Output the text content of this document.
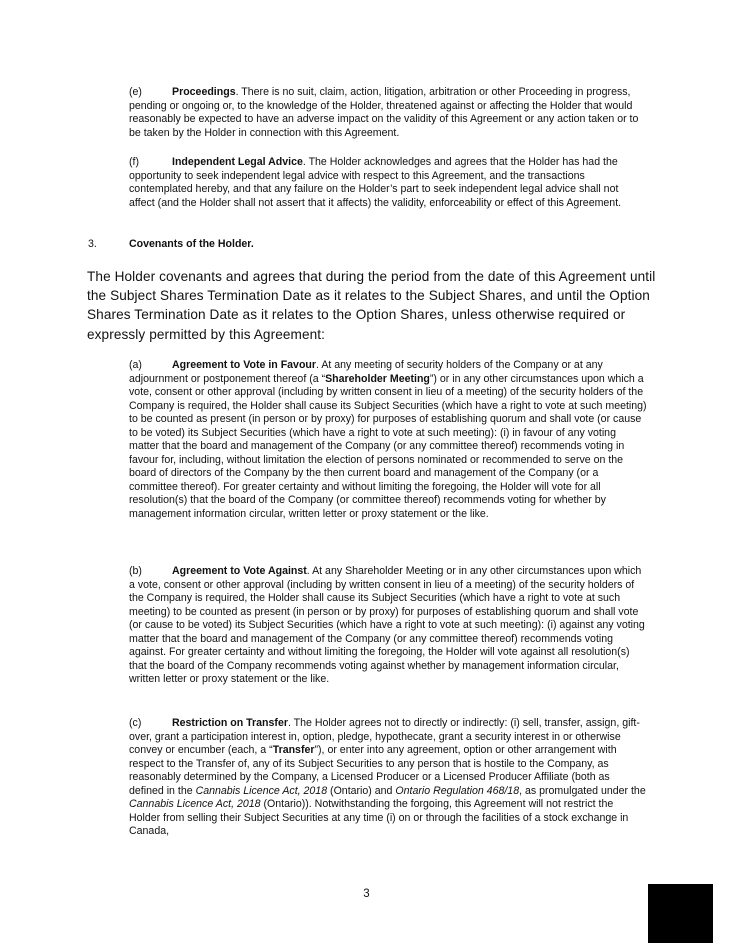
(e)	Proceedings. There is no suit, claim, action, litigation, arbitration or other Proceeding in progress, pending or ongoing or, to the knowledge of the Holder, threatened against or affecting the Holder that would reasonably be expected to have an adverse impact on the validity of this Agreement or any action taken or to be taken by the Holder in connection with this Agreement.
(f)	Independent Legal Advice. The Holder acknowledges and agrees that the Holder has had the opportunity to seek independent legal advice with respect to this Agreement, and the transactions contemplated hereby, and that any failure on the Holder’s part to seek independent legal advice shall not affect (and the Holder shall not assert that it affects) the validity, enforceability or effect of this Agreement.
3.	Covenants of the Holder.
The Holder covenants and agrees that during the period from the date of this Agreement until the Subject Shares Termination Date as it relates to the Subject Shares, and until the Option Shares Termination Date as it relates to the Option Shares, unless otherwise required or expressly permitted by this Agreement:
(a)	Agreement to Vote in Favour. At any meeting of security holders of the Company or at any adjournment or postponement thereof (a “Shareholder Meeting”) or in any other circumstances upon which a vote, consent or other approval (including by written consent in lieu of a meeting) of the security holders of the Company is required, the Holder shall cause its Subject Securities (which have a right to vote at such meeting) to be counted as present (in person or by proxy) for purposes of establishing quorum and shall vote (or cause to be voted) its Subject Securities (which have a right to vote at such meeting): (i) in favour of any voting matter that the board and management of the Company (or any committee thereof) recommends voting in favour for, including, without limitation the election of persons nominated or recommended to serve on the board of directors of the Company by the then current board and management of the Company (or a committee thereof). For greater certainty and without limiting the foregoing, the Holder will vote for all resolution(s) that the board of the Company (or committee thereof) recommends voting for whether by management information circular, written letter or proxy statement or the like.
(b)	Agreement to Vote Against. At any Shareholder Meeting or in any other circumstances upon which a vote, consent or other approval (including by written consent in lieu of a meeting) of the security holders of the Company is required, the Holder shall cause its Subject Securities (which have a right to vote at such meeting) to be counted as present (in person or by proxy) for purposes of establishing quorum and shall vote (or cause to be voted) its Subject Securities (which have a right to vote at such meeting): (i) against any voting matter that the board and management of the Company (or any committee thereof) recommends voting against. For greater certainty and without limiting the foregoing, the Holder will vote against all resolution(s) that the board of the Company recommends voting against whether by management information circular, written letter or proxy statement or the like.
(c)	Restriction on Transfer. The Holder agrees not to directly or indirectly: (i) sell, transfer, assign, gift-over, grant a participation interest in, option, pledge, hypothecate, grant a security interest in or otherwise convey or encumber (each, a “Transfer”), or enter into any agreement, option or other arrangement with respect to the Transfer of, any of its Subject Securities to any person that is hostile to the Company, as reasonably determined by the Company, a Licensed Producer or a Licensed Producer Affiliate (both as defined in the Cannabis Licence Act, 2018 (Ontario) and Ontario Regulation 468/18, as promulgated under the Cannabis Licence Act, 2018 (Ontario)). Notwithstanding the forgoing, this Agreement will not restrict the Holder from selling their Subject Securities at any time (i) on or through the facilities of a stock exchange in Canada,
3
